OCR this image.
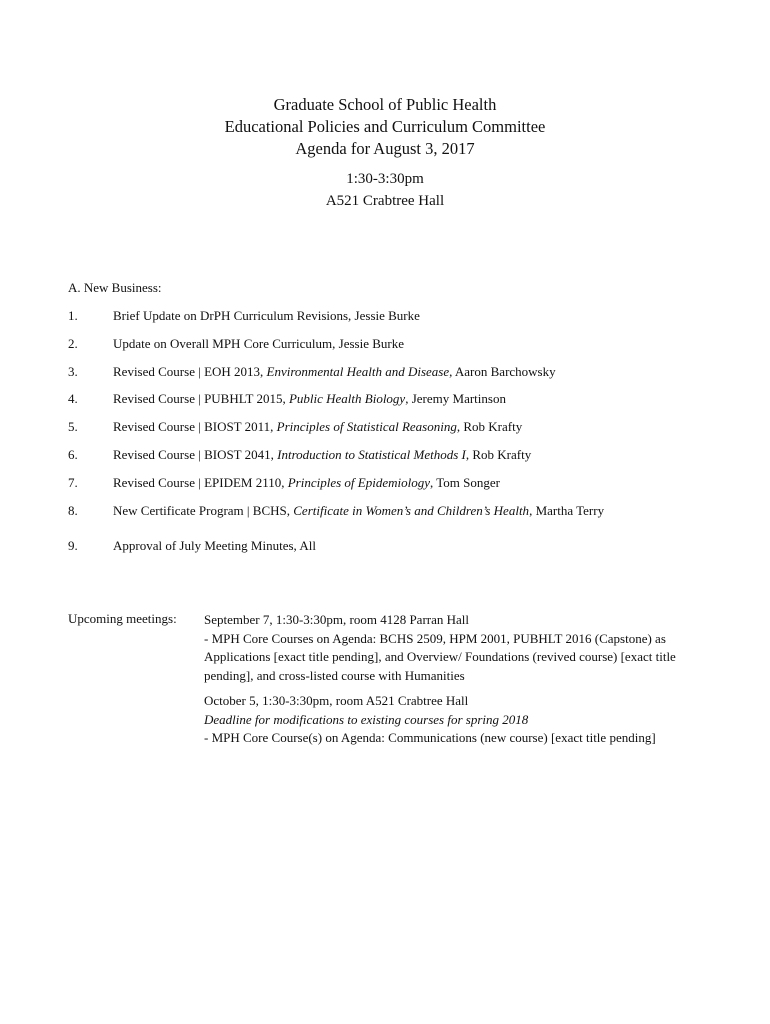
Graduate School of Public Health
Educational Policies and Curriculum Committee
Agenda for August 3, 2017
1:30-3:30pm
A521 Crabtree Hall
A. New Business:
1.	Brief Update on DrPH Curriculum Revisions, Jessie Burke
2.	Update on Overall MPH Core Curriculum, Jessie Burke
3.	Revised Course | EOH 2013, Environmental Health and Disease, Aaron Barchowsky
4.	Revised Course | PUBHLT 2015, Public Health Biology, Jeremy Martinson
5.	Revised Course | BIOST 2011, Principles of Statistical Reasoning, Rob Krafty
6.	Revised Course | BIOST 2041, Introduction to Statistical Methods I, Rob Krafty
7.	Revised Course | EPIDEM 2110, Principles of Epidemiology, Tom Songer
8.	New Certificate Program | BCHS, Certificate in Women’s and Children’s Health, Martha Terry
9.	Approval of July Meeting Minutes, All
Upcoming meetings: September 7, 1:30-3:30pm, room 4128 Parran Hall
- MPH Core Courses on Agenda: BCHS 2509, HPM 2001, PUBHLT 2016 (Capstone) as
Applications [exact title pending], and Overview/ Foundations (revived course) [exact title
pending], and cross-listed course with Humanities
October 5, 1:30-3:30pm, room A521 Crabtree Hall
Deadline for modifications to existing courses for spring 2018
- MPH Core Course(s) on Agenda: Communications (new course) [exact title pending]
